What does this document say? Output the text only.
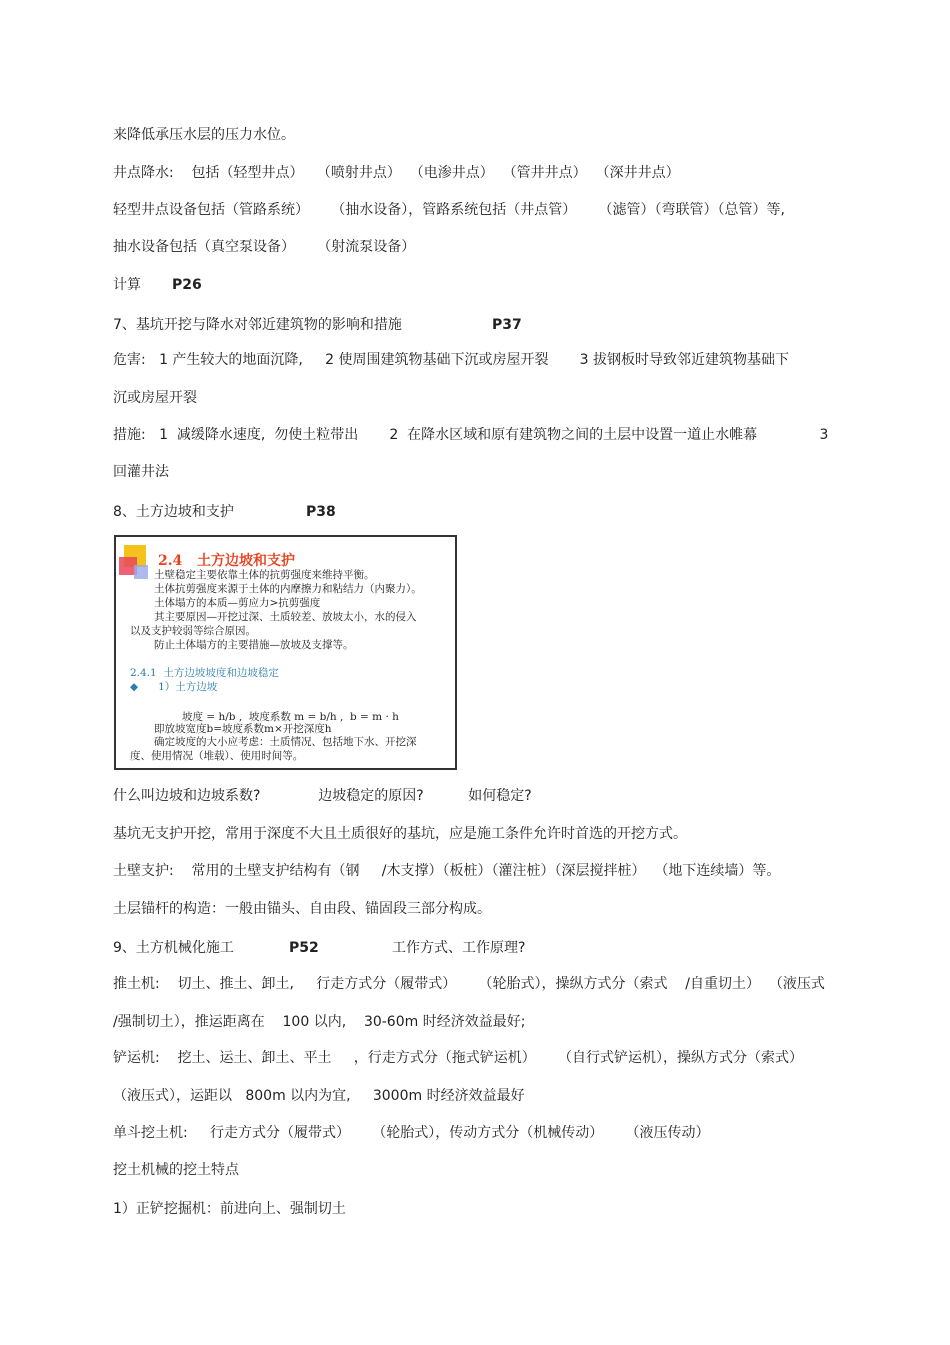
来降低承压水层的压力水位。
井点降水:    包括（轻型井点）   （喷射井点）  （电渗井点）  （管井井点）  （深井井点）
轻型井点设备包括（管路系统）     （抽水设备），管路系统包括（井点管）     （滤管）（弯联管）（总管）等,
抽水设备包括（真空泵设备）     （射流泵设备）
计算 P26
7、基坑开挖与降水对邻近建筑物的影响和措施	P37
危害:   1 产生较大的地面沉降,     2 使周围建筑物基础下沉或房屋开裂       3 拔钢板时导致邻近建筑物基础下
沉或房屋开裂
措施:   1  减缓降水速度,  勿使土粒带出       2  在降水区域和原有建筑物之间的土层中设置一道止水帷幕              3
回灌井法
8、土方边坡和支护	P38
2.4   土方边坡和支护
土壁稳定主要依靠土体的抗剪强度来维持平衡。
土体抗剪强度来源于土体的内摩擦力和粘结力（内聚力）。
土体塌方的本质—剪应力>抗剪强度
其主要原因—开挖过深、土质较差、放坡太小，水的侵入
以及支护较弱等综合原因。
防止土体塌方的主要措施—放坡及支撑等。
2.4.1  土方边坡坡度和边坡稳定
◆      1）土方边坡
坡度 = h/b ,  坡度系数 m = b/h ,  b = m · h
即放坡宽度b=坡度系数m×开挖深度h
确定坡度的大小应考虑：土质情况、包括地下水、开挖深
度、使用情况（堆载）、使用时间等。
什么叫边坡和边坡系数?             边坡稳定的原因?          如何稳定?
基坑无支护开挖，常用于深度不大且土质很好的基坑，应是施工条件允许时首选的开挖方式。
土壁支护:    常用的土壁支护结构有（钢     /木支撑）（板桩）（灌注桩）（深层搅拌桩）  （地下连续墙）等。
土层锚杆的构造：一般由锚头、自由段、锚固段三部分构成。
9、土方机械化施工	P52	工作方式、工作原理?
推土机:    切土、推土、卸土,     行走方式分（履带式）     （轮胎式），操纵方式分（索式    /自重切土）  （液压式
/强制切土），推运距离在    100 以内,    30-60m 时经济效益最好;
铲运机:    挖土、运土、卸土、平土     ，行走方式分（拖式铲运机）     （自行式铲运机），操纵方式分（索式）
（液压式），运距以   800m 以内为宜,     3000m 时经济效益最好
单斗挖土机:     行走方式分（履带式）     （轮胎式），传动方式分（机械传动）     （液压传动）
挖土机械的挖土特点
1）正铲挖掘机：前进向上、强制切土
